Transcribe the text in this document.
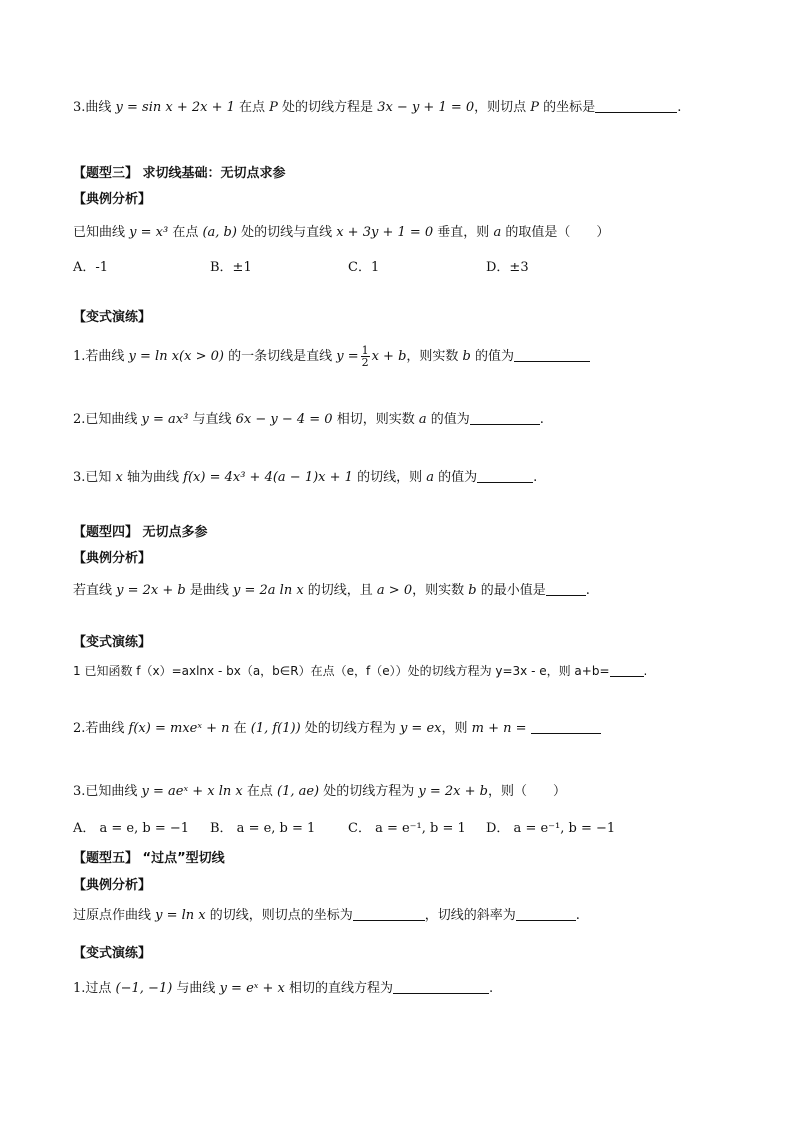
3.曲线 y = sin x + 2x + 1 在点 P 处的切线方程是 3x − y + 1 = 0，则切点 P 的坐标是	.
【题型三】 求切线基础：无切点求参
【典例分析】
已知曲线 y = x³ 在点 (a, b) 处的切线与直线 x + 3y + 1 = 0 垂直，则 a 的取值是（　　）
A．-1	B．±1	C．1	D．±3
【变式演练】
1.若曲线 y = ln x(x > 0) 的一条切线是直线 $y = \frac{1}{2}$ x + b，则实数 b 的值为
2.已知曲线 y = ax³ 与直线 6x − y − 4 = 0 相切，则实数 a 的值为	.
3.已知 x 轴为曲线 f(x) = 4x³ + 4(a − 1)x + 1 的切线，则 a 的值为	.
【题型四】 无切点多参
【典例分析】
若直线 y = 2x + b 是曲线 y = 2a ln x 的切线，且 a > 0，则实数 b 的最小值是	.
【变式演练】
1 已知函数 f（x）=axlnx - bx（a，b∈R）在点（e，f（e））处的切线方程为 y=3x - e，则 a+b=	.
2.若曲线 f(x) = mxeˣ + n 在 (1, f(1)) 处的切线方程为 y = ex，则 m + n =
3.已知曲线 y = aeˣ + x ln x 在点 (1, ae) 处的切线方程为 y = 2x + b，则（　　）
A． a = e, b = −1 B． a = e, b = 1	C． a = e⁻¹, b = 1 D． a = e⁻¹, b = −1
【题型五】 “过点”型切线
【典例分析】
过原点作曲线 y = ln x 的切线，则切点的坐标为	，切线的斜率为	.
【变式演练】
1.过点 (−1, −1) 与曲线 y = eˣ + x 相切的直线方程为	.
